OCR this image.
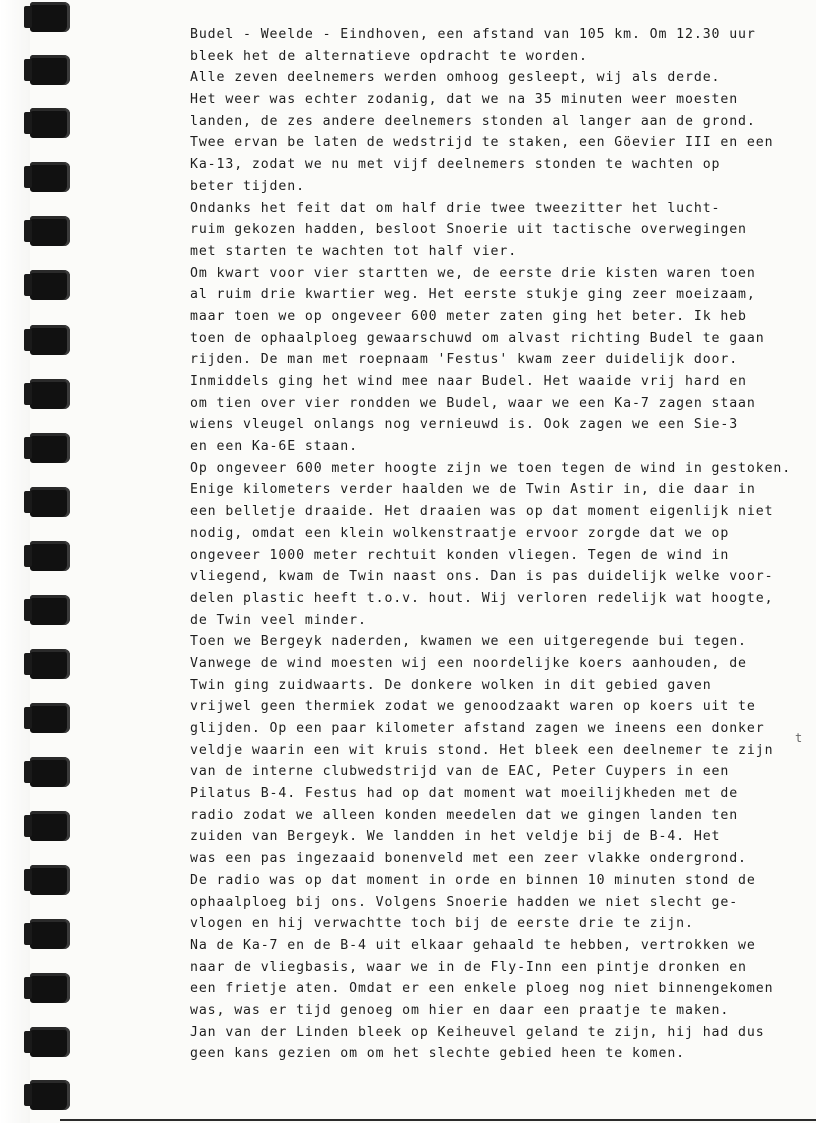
Budel - Weelde - Eindhoven, een afstand van 105 km. Om 12.30 uur
bleek het de alternatieve opdracht te worden.
Alle zeven deelnemers werden omhoog gesleept, wij als derde.
Het weer was echter zodanig, dat we na 35 minuten weer moesten
landen, de zes andere deelnemers stonden al langer aan de grond.
Twee ervan be laten de wedstrijd te staken, een Göevier III en een
Ka-13, zodat we nu met vijf deelnemers stonden te wachten op
beter tijden.
Ondanks het feit dat om half drie twee tweezitter het lucht-
ruim gekozen hadden, besloot Snoerie uit tactische overwegingen
met starten te wachten tot half vier.
Om kwart voor vier startten we, de eerste drie kisten waren toen
al ruim drie kwartier weg. Het eerste stukje ging zeer moeizaam,
maar toen we op ongeveer 600 meter zaten ging het beter. Ik heb
toen de ophaalploeg gewaarschuwd om alvast richting Budel te gaan
rijden. De man met roepnaam 'Festus' kwam zeer duidelijk door.
Inmiddels ging het wind mee naar Budel. Het waaide vrij hard en
om tien over vier rondden we Budel, waar we een Ka-7 zagen staan
wiens vleugel onlangs nog vernieuwd is. Ook zagen we een Sie-3
en een Ka-6E staan.
Op ongeveer 600 meter hoogte zijn we toen tegen de wind in gestoken.
Enige kilometers verder haalden we de Twin Astir in, die daar in
een belletje draaide. Het draaien was op dat moment eigenlijk niet
nodig, omdat een klein wolkenstraatje ervoor zorgde dat we op
ongeveer 1000 meter rechtuit konden vliegen. Tegen de wind in
vliegend, kwam de Twin naast ons. Dan is pas duidelijk welke voor-
delen plastic heeft t.o.v. hout. Wij verloren redelijk wat hoogte,
de Twin veel minder.
Toen we Bergeyk naderden, kwamen we een uitgeregende bui tegen.
Vanwege de wind moesten wij een noordelijke koers aanhouden, de
Twin ging zuidwaarts. De donkere wolken in dit gebied gaven
vrijwel geen thermiek zodat we genoodzaakt waren op koers uit te
glijden. Op een paar kilometer afstand zagen we ineens een donker
veldje waarin een wit kruis stond. Het bleek een deelnemer te zijn
van de interne clubwedstrijd van de EAC, Peter Cuypers in een
Pilatus B-4. Festus had op dat moment wat moeilijkheden met de
radio zodat we alleen konden meedelen dat we gingen landen ten
zuiden van Bergeyk. We landden in het veldje bij de B-4. Het
was een pas ingezaaid bonenveld met een zeer vlakke ondergrond.
De radio was op dat moment in orde en binnen 10 minuten stond de
ophaalploeg bij ons. Volgens Snoerie hadden we niet slecht ge-
vlogen en hij verwachtte toch bij de eerste drie te zijn.
Na de Ka-7 en de B-4 uit elkaar gehaald te hebben, vertrokken we
naar de vliegbasis, waar we in de Fly-Inn een pintje dronken en
een frietje aten. Omdat er een enkele ploeg nog niet binnengekomen
was, was er tijd genoeg om hier en daar een praatje te maken.
Jan van der Linden bleek op Keiheuvel geland te zijn, hij had dus
geen kans gezien om om het slechte gebied heen te komen.
t
